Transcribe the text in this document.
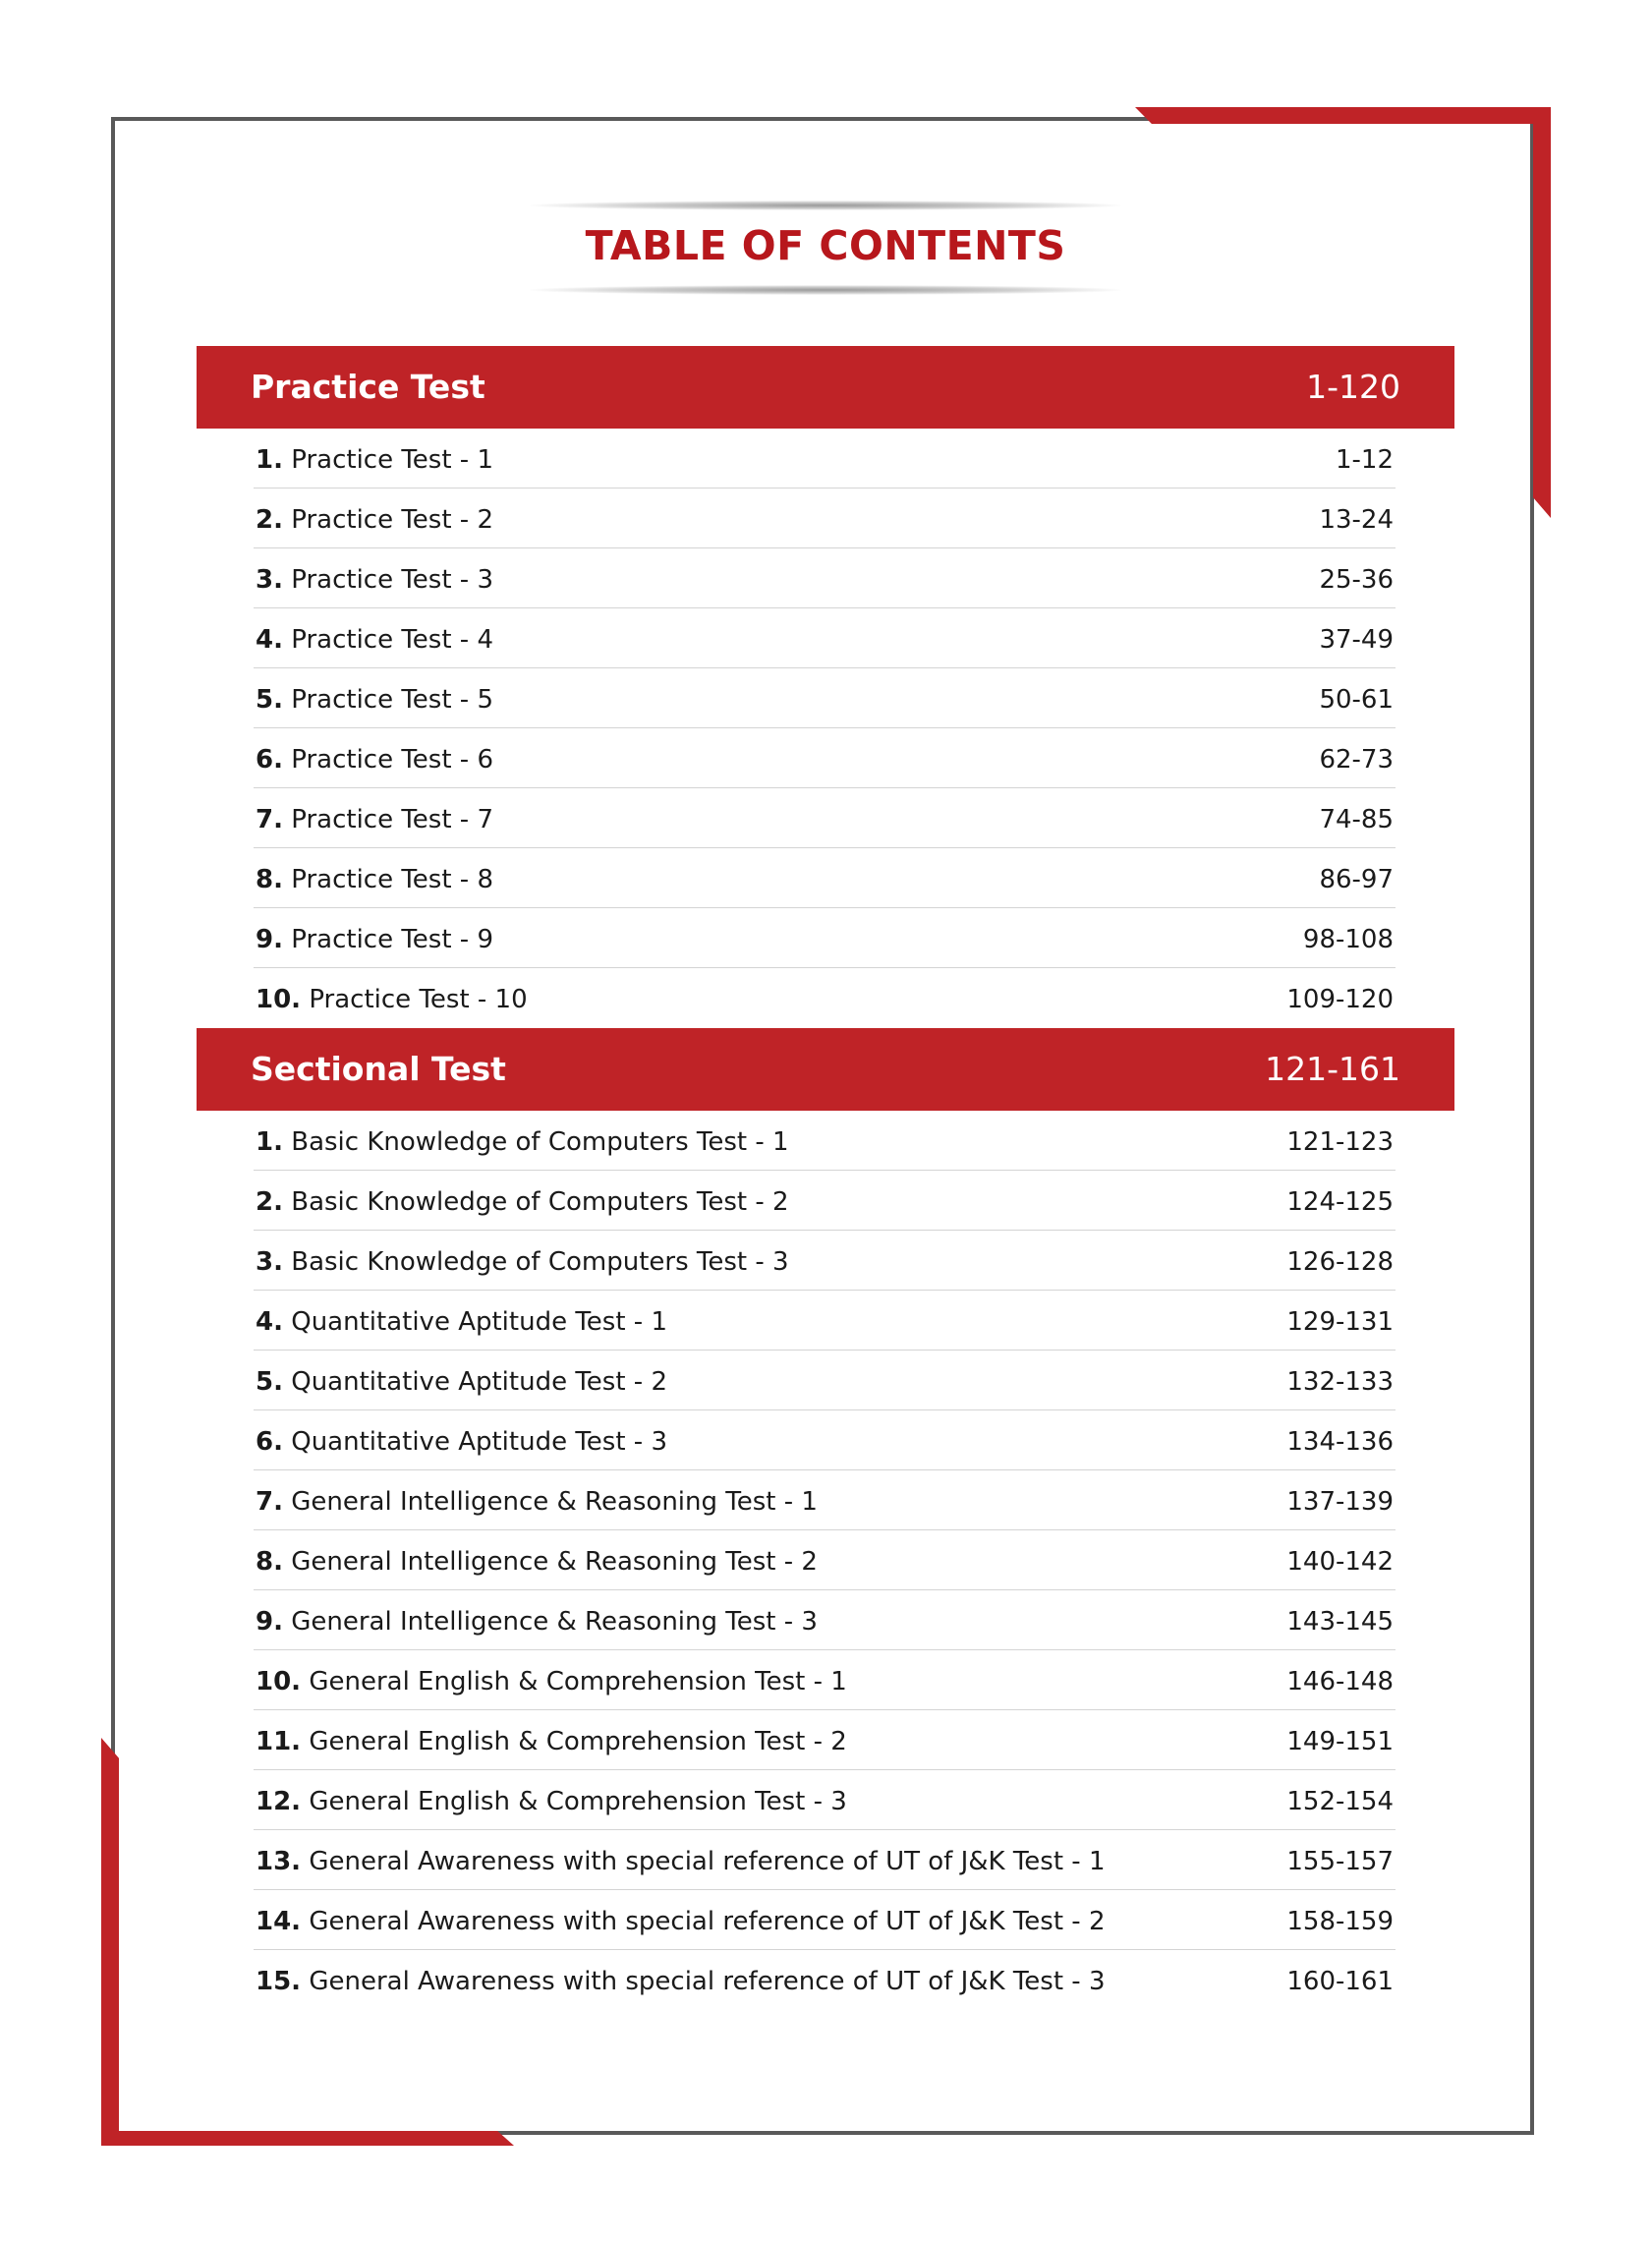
TABLE OF CONTENTS
Practice Test	1-120
1. Practice Test - 1	1-12
2. Practice Test - 2	13-24
3. Practice Test - 3	25-36
4. Practice Test - 4	37-49
5. Practice Test - 5	50-61
6. Practice Test - 6	62-73
7. Practice Test - 7	74-85
8. Practice Test - 8	86-97
9. Practice Test - 9	98-108
10. Practice Test - 10	109-120
Sectional Test	121-161
1. Basic Knowledge of Computers Test - 1	121-123
2. Basic Knowledge of Computers Test - 2	124-125
3. Basic Knowledge of Computers Test - 3	126-128
4. Quantitative Aptitude Test - 1	129-131
5. Quantitative Aptitude Test - 2	132-133
6. Quantitative Aptitude Test - 3	134-136
7. General Intelligence & Reasoning Test - 1	137-139
8. General Intelligence & Reasoning Test - 2	140-142
9. General Intelligence & Reasoning Test - 3	143-145
10. General English & Comprehension Test - 1	146-148
11. General English & Comprehension Test - 2	149-151
12. General English & Comprehension Test - 3	152-154
13. General Awareness with special reference of UT of J&K Test - 1	155-157
14. General Awareness with special reference of UT of J&K Test - 2	158-159
15. General Awareness with special reference of UT of J&K Test - 3	160-161
